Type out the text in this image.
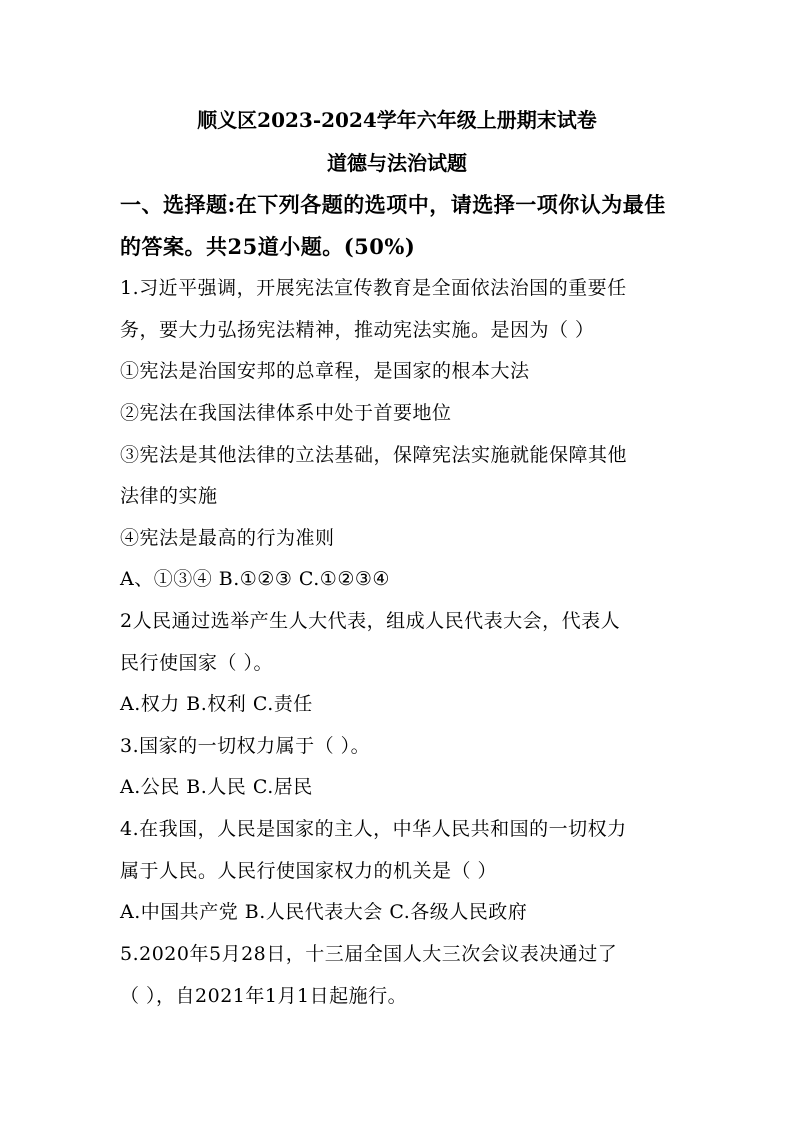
顺义区2023-2024学年六年级上册期末试卷
道德与法治试题
一、选择题:在下列各题的选项中，请选择一项你认为最佳
的答案。共25道小题。(50%)
1.习近平强调，开展宪法宣传教育是全面依法治国的重要任
务，要大力弘扬宪法精神，推动宪法实施。是因为（ ）
①宪法是治国安邦的总章程，是国家的根本大法
②宪法在我国法律体系中处于首要地位
③宪法是其他法律的立法基础，保障宪法实施就能保障其他
法律的实施
④宪法是最高的行为准则
A、①③④ B.①②③ C.①②③④
2人民通过选举产生人大代表，组成人民代表大会，代表人
民行使国家（ ）。
A.权力 B.权利 C.责任
3.国家的一切权力属于（ ）。
A.公民 B.人民 C.居民
4.在我国，人民是国家的主人，中华人民共和国的一切权力
属于人民。人民行使国家权力的机关是（ ）
A.中国共产党 B.人民代表大会 C.各级人民政府
5.2020年5月28日，十三届全国人大三次会议表决通过了
（ ），自2021年1月1日起施行。
